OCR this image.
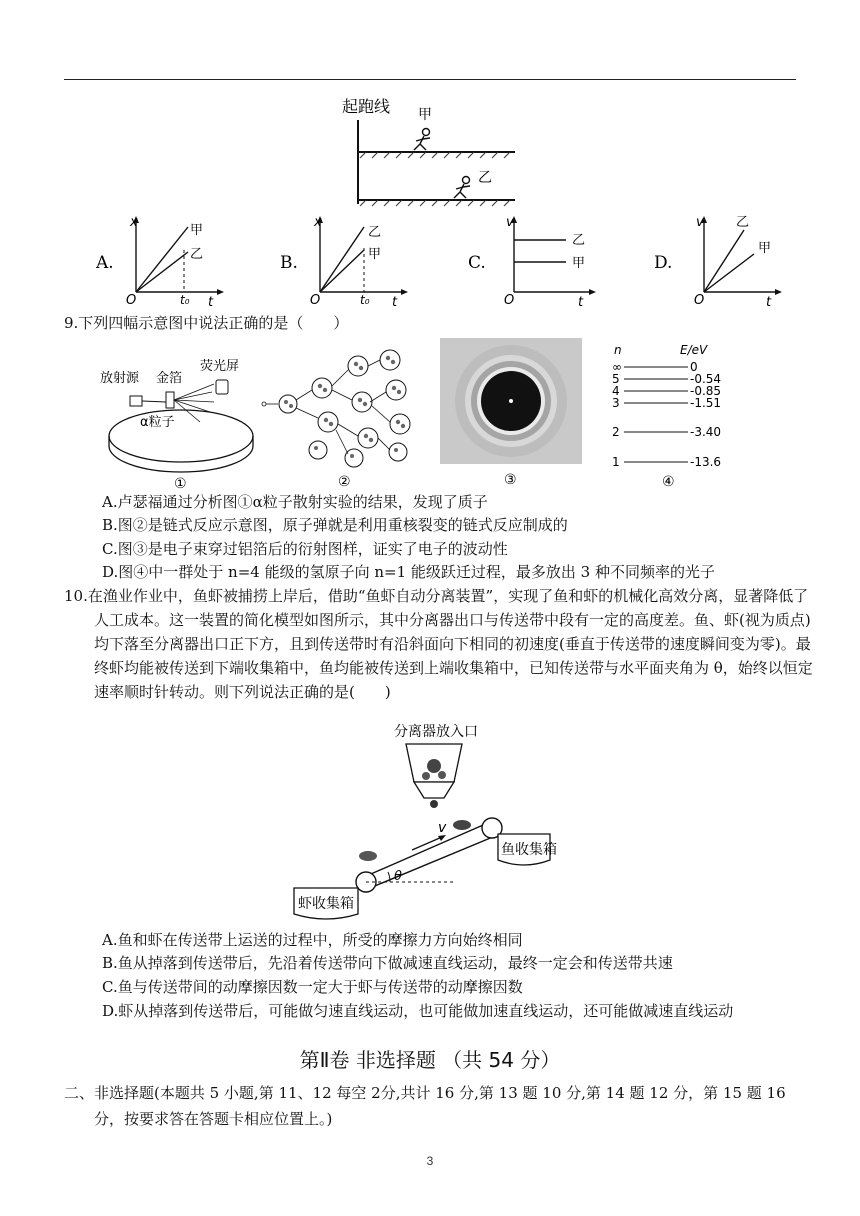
起跑线 甲
乙
A.
x
O	t₀ t
甲
乙	B.
x
O	t₀ t
乙
甲	C.
v
O	t
乙
甲	D.
v
O	t
乙
甲
9.下列四幅示意图中说法正确的是（　　）
放射源 金箔
荧光屏
α粒子
①	②	③
n	E/eV
∞	0
5	-0.54
4	-0.85
3	-1.51
2	-3.40
1	-13.6
④
A.卢瑟福通过分析图①α粒子散射实验的结果，发现了质子
B.图②是链式反应示意图，原子弹就是利用重核裂变的链式反应制成的
C.图③是电子束穿过铝箔后的衍射图样，证实了电子的波动性
D.图④中一群处于 n=4 能级的氢原子向 n=1 能级跃迁过程，最多放出 3 种不同频率的光子
10.在渔业作业中，鱼虾被捕捞上岸后，借助“鱼虾自动分离装置”，实现了鱼和虾的机械化高效分离，显著降低了人工成本。这一装置的简化模型如图所示，其中分离器出口与传送带中段有一定的高度差。鱼、虾(视为质点)均下落至分离器出口正下方，且到传送带时有沿斜面向下相同的初速度(垂直于传送带的速度瞬间变为零)。最终虾均能被传送到下端收集箱中，鱼均能被传送到上端收集箱中，已知传送带与水平面夹角为 θ，始终以恒定速率顺时针转动。则下列说法正确的是(　　)
分离器放入口
v
θ
鱼收集箱
虾收集箱
A.鱼和虾在传送带上运送的过程中，所受的摩擦力方向始终相同
B.鱼从掉落到传送带后，先沿着传送带向下做减速直线运动，最终一定会和传送带共速
C.鱼与传送带间的动摩擦因数一定大于虾与传送带的动摩擦因数
D.虾从掉落到传送带后，可能做匀速直线运动，也可能做加速直线运动，还可能做减速直线运动
第Ⅱ卷 非选择题 （共 54 分）
二、非选择题(本题共 5 小题,第 11、12 每空 2分,共计 16 分,第 13 题 10 分,第 14 题 12 分，第 15 题 16 分，按要求答在答题卡相应位置上。)
3
